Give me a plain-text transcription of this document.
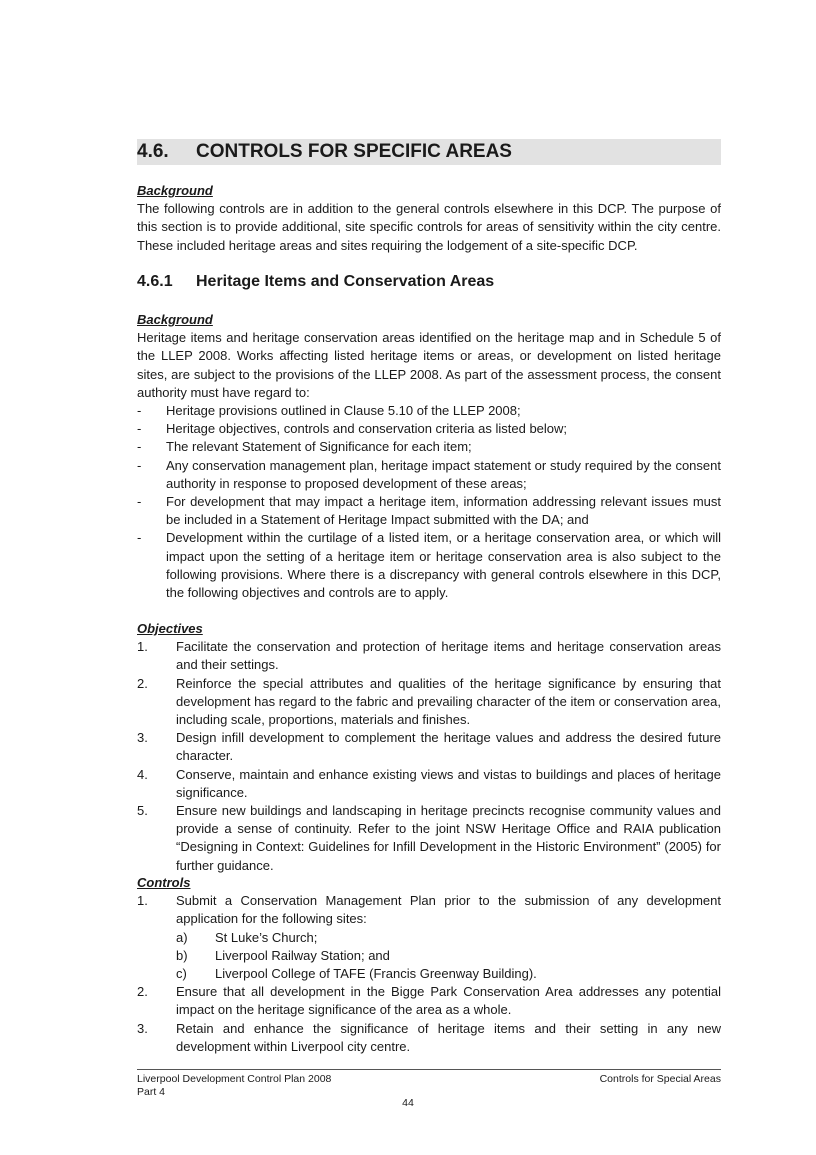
4.6. CONTROLS FOR SPECIFIC AREAS
Background
The following controls are in addition to the general controls elsewhere in this DCP. The purpose of this section is to provide additional, site specific controls for areas of sensitivity within the city centre. These included heritage areas and sites requiring the lodgement of a site-specific DCP.
4.6.1 Heritage Items and Conservation Areas
Background
Heritage items and heritage conservation areas identified on the heritage map and in Schedule 5 of the LLEP 2008. Works affecting listed heritage items or areas, or development on listed heritage sites, are subject to the provisions of the LLEP 2008. As part of the assessment process, the consent authority must have regard to:
- Heritage provisions outlined in Clause 5.10 of the LLEP 2008;
- Heritage objectives, controls and conservation criteria as listed below;
- The relevant Statement of Significance for each item;
- Any conservation management plan, heritage impact statement or study required by the consent authority in response to proposed development of these areas;
- For development that may impact a heritage item, information addressing relevant issues must be included in a Statement of Heritage Impact submitted with the DA; and
- Development within the curtilage of a listed item, or a heritage conservation area, or which will impact upon the setting of a heritage item or heritage conservation area is also subject to the following provisions. Where there is a discrepancy with general controls elsewhere in this DCP, the following objectives and controls are to apply.
Objectives
1. Facilitate the conservation and protection of heritage items and heritage conservation areas and their settings.
2. Reinforce the special attributes and qualities of the heritage significance by ensuring that development has regard to the fabric and prevailing character of the item or conservation area, including scale, proportions, materials and finishes.
3. Design infill development to complement the heritage values and address the desired future character.
4. Conserve, maintain and enhance existing views and vistas to buildings and places of heritage significance.
5. Ensure new buildings and landscaping in heritage precincts recognise community values and provide a sense of continuity. Refer to the joint NSW Heritage Office and RAIA publication “Designing in Context: Guidelines for Infill Development in the Historic Environment” (2005) for further guidance.
Controls
1. Submit a Conservation Management Plan prior to the submission of any development application for the following sites:
a) St Luke’s Church;
b) Liverpool Railway Station; and
c) Liverpool College of TAFE (Francis Greenway Building).
2. Ensure that all development in the Bigge Park Conservation Area addresses any potential impact on the heritage significance of the area as a whole.
3. Retain and enhance the significance of heritage items and their setting in any new development within Liverpool city centre.
Liverpool Development Control Plan 2008
Part 4
Controls for Special Areas
44
